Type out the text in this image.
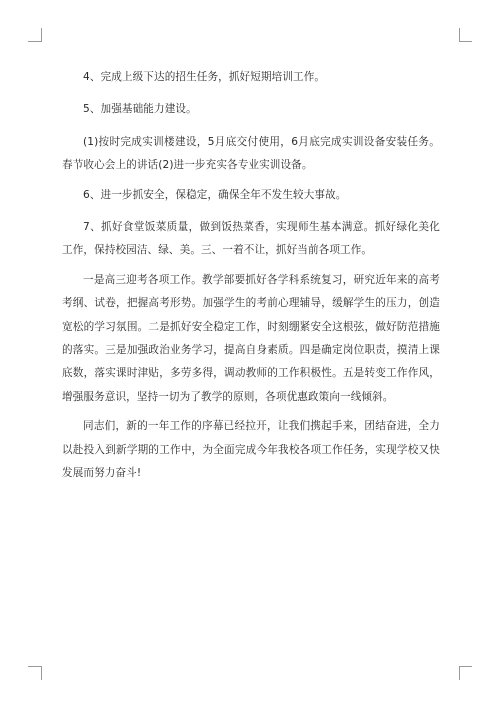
4、完成上级下达的招生任务，抓好短期培训工作。

5、加强基础能力建设。

(1)按时完成实训楼建设，5月底交付使用，6月底完成实训设备安装任务。春节收心会上的讲话(2)进一步充实各专业实训设备。

6、进一步抓安全，保稳定，确保全年不发生较大事故。

7、抓好食堂饭菜质量，做到饭热菜香，实现师生基本满意。抓好绿化美化工作，保持校园洁、绿、美。三、一着不让，抓好当前各项工作。

一是高三迎考各项工作。教学部要抓好各学科系统复习，研究近年来的高考考纲、试卷，把握高考形势。加强学生的考前心理辅导，缓解学生的压力，创造宽松的学习氛围。二是抓好安全稳定工作，时刻绷紧安全这根弦，做好防范措施的落实。三是加强政治业务学习，提高自身素质。四是确定岗位职责，摸清上课底数，落实课时津贴，多劳多得，调动教师的工作积极性。五是转变工作作风，增强服务意识，坚持一切为了教学的原则，各项优惠政策向一线倾斜。

同志们，新的一年工作的序幕已经拉开，让我们携起手来，团结奋进，全力以赴投入到新学期的工作中，为全面完成今年我校各项工作任务，实现学校又快发展而努力奋斗!
